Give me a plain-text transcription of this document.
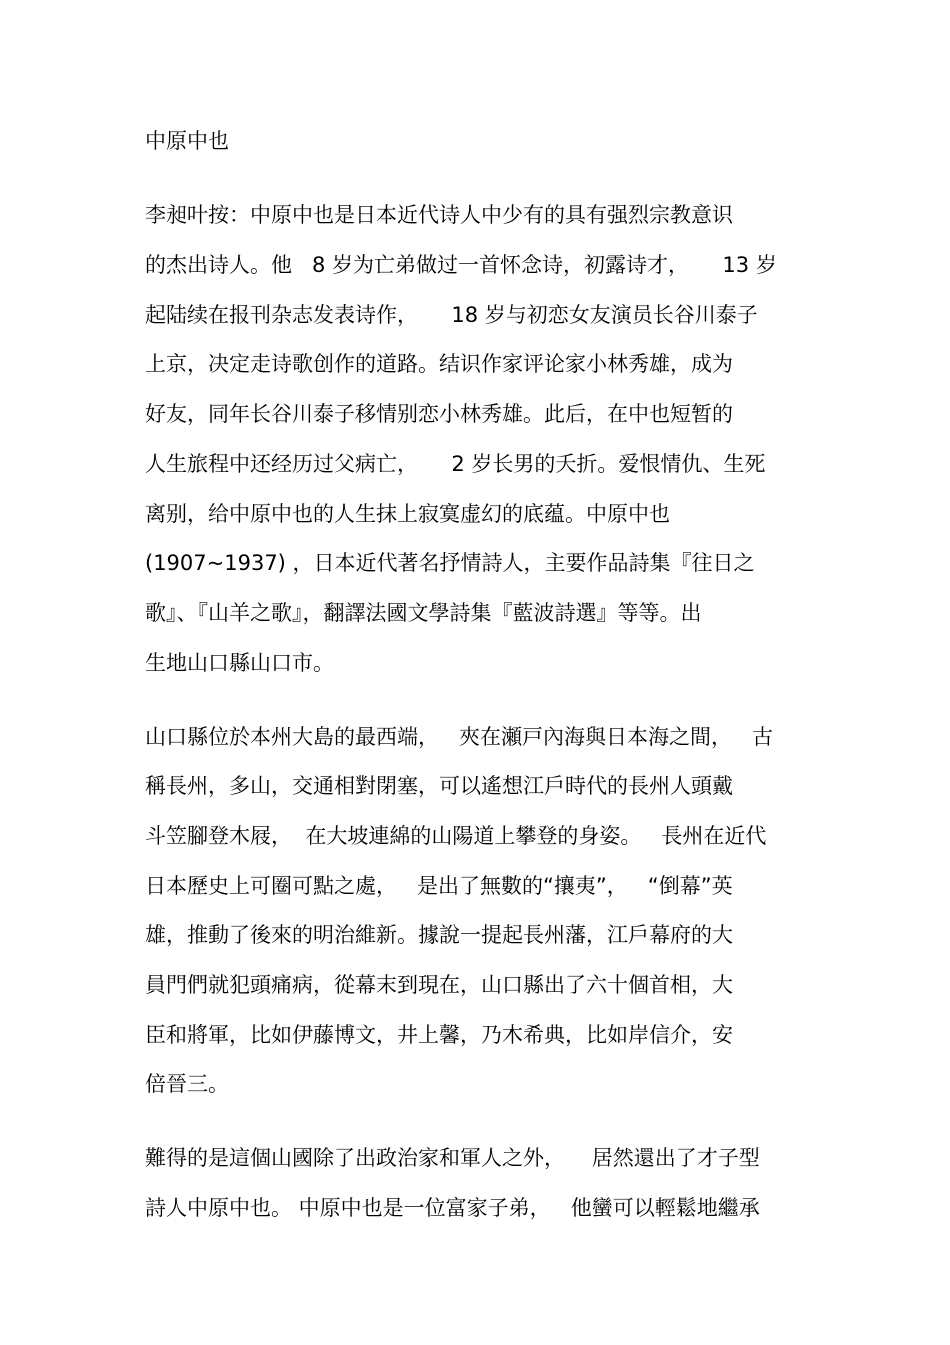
中原中也
李昶叶按：中原中也是日本近代诗人中少有的具有强烈宗教意识
的杰出诗人。他   8 岁为亡弟做过一首怀念诗，初露诗才，     13 岁
起陆续在报刊杂志发表诗作，     18 岁与初恋女友演员长谷川泰子
上京，决定走诗歌创作的道路。结识作家评论家小林秀雄，成为
好友，同年长谷川泰子移情别恋小林秀雄。此后，在中也短暂的
人生旅程中还经历过父病亡，     2 岁长男的夭折。爱恨情仇、生死
离别，给中原中也的人生抹上寂寞虚幻的底蕴。中原中也
(1907~1937) ，日本近代著名抒情詩人，主要作品詩集『往日之
歌』、『山羊之歌』，翻譯法國文學詩集『藍波詩選』等等。出
生地山口縣山口市。
山口縣位於本州大島的最西端，   夾在瀬戸內海與日本海之間，   古
稱長州，多山，交通相對閉塞，可以遙想江戶時代的長州人頭戴
斗笠腳登木屐，  在大坡連綿的山陽道上攀登的身姿。   長州在近代
日本歷史上可圈可點之處，   是出了無數的“攘夷”，   “倒幕”英
雄，推動了後來的明治維新。據說一提起長州藩，江戶幕府的大
員門們就犯頭痛病，從幕末到現在，山口縣出了六十個首相，大
臣和將軍，比如伊藤博文，井上馨，乃木希典，比如岸信介，安
倍晉三。
難得的是這個山國除了出政治家和軍人之外，    居然還出了才子型
詩人中原中也。 中原中也是一位富家子弟，   他蠻可以輕鬆地繼承
